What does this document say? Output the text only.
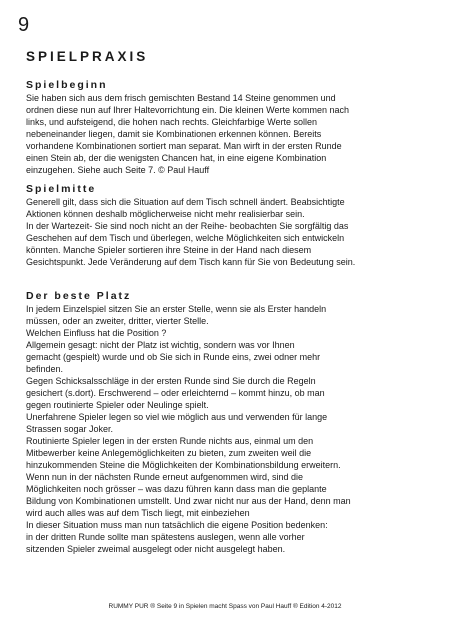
9
SPIELPRAXIS
Spielbeginn
Sie haben sich aus dem frisch gemischten Bestand 14 Steine genommen und
ordnen diese nun auf Ihrer Haltevorrichtung ein. Die kleinen Werte kommen nach
links, und aufsteigend, die hohen nach rechts. Gleichfarbige Werte sollen
nebeneinander liegen, damit sie Kombinationen erkennen können. Bereits
vorhandene Kombinationen sortiert man separat. Man wirft in der ersten Runde
einen Stein ab, der die wenigsten Chancen hat, in eine eigene Kombination
einzugehen. Siehe auch Seite 7. © Paul Hauff
Spielmitte
Generell gilt, dass sich die Situation auf dem Tisch schnell ändert. Beabsichtigte
Aktionen können deshalb möglicherweise nicht mehr realisierbar sein.
In der Wartezeit- Sie sind noch nicht an der Reihe- beobachten Sie sorgfältig das
Geschehen auf dem Tisch und überlegen, welche Möglichkeiten sich entwickeln
könnten. Manche Spieler sortieren ihre Steine in der Hand nach diesem
Gesichtspunkt. Jede Veränderung auf dem Tisch kann für Sie von Bedeutung sein.
Der beste Platz
In jedem Einzelspiel sitzen Sie an erster Stelle, wenn sie als Erster handeln
müssen, oder an zweiter, dritter, vierter Stelle.
Welchen Einfluss hat die Position ?
Allgemein gesagt: nicht der Platz ist wichtig, sondern was vor Ihnen
gemacht (gespielt) wurde und ob Sie sich in Runde eins, zwei odner mehr
befinden.
Gegen Schicksalsschläge in der ersten Runde sind Sie durch die Regeln
gesichert (s.dort). Erschwerend – oder erleichternd – kommt hinzu, ob man
gegen routinierte Spieler oder Neulinge spielt.
Unerfahrene Spieler legen so viel wie möglich aus und verwenden für lange
Strassen sogar Joker.
Routinierte Spieler legen in der ersten Runde nichts aus, einmal um den
Mitbewerber keine Anlegemöglichkeiten zu bieten, zum zweiten weil die
hinzukommenden Steine die Möglichkeiten der Kombinationsbildung erweitern.
Wenn nun in der nächsten Runde erneut aufgenommen wird, sind die
Möglichkeiten noch grösser – was dazu führen kann dass man die geplante
Bildung von Kombinationen umstellt. Und zwar nicht nur aus der Hand, denn man
wird auch alles was auf dem Tisch liegt, mit einbeziehen
In dieser Situation muss man nun tatsächlich die eigene Position bedenken:
in der dritten Runde sollte man spätestens auslegen, wenn alle vorher
sitzenden Spieler zweimal ausgelegt oder nicht ausgelegt haben.
RUMMY PUR ® Seite 9 in Spielen macht Spass von Paul Hauff ® Edition 4-2012
